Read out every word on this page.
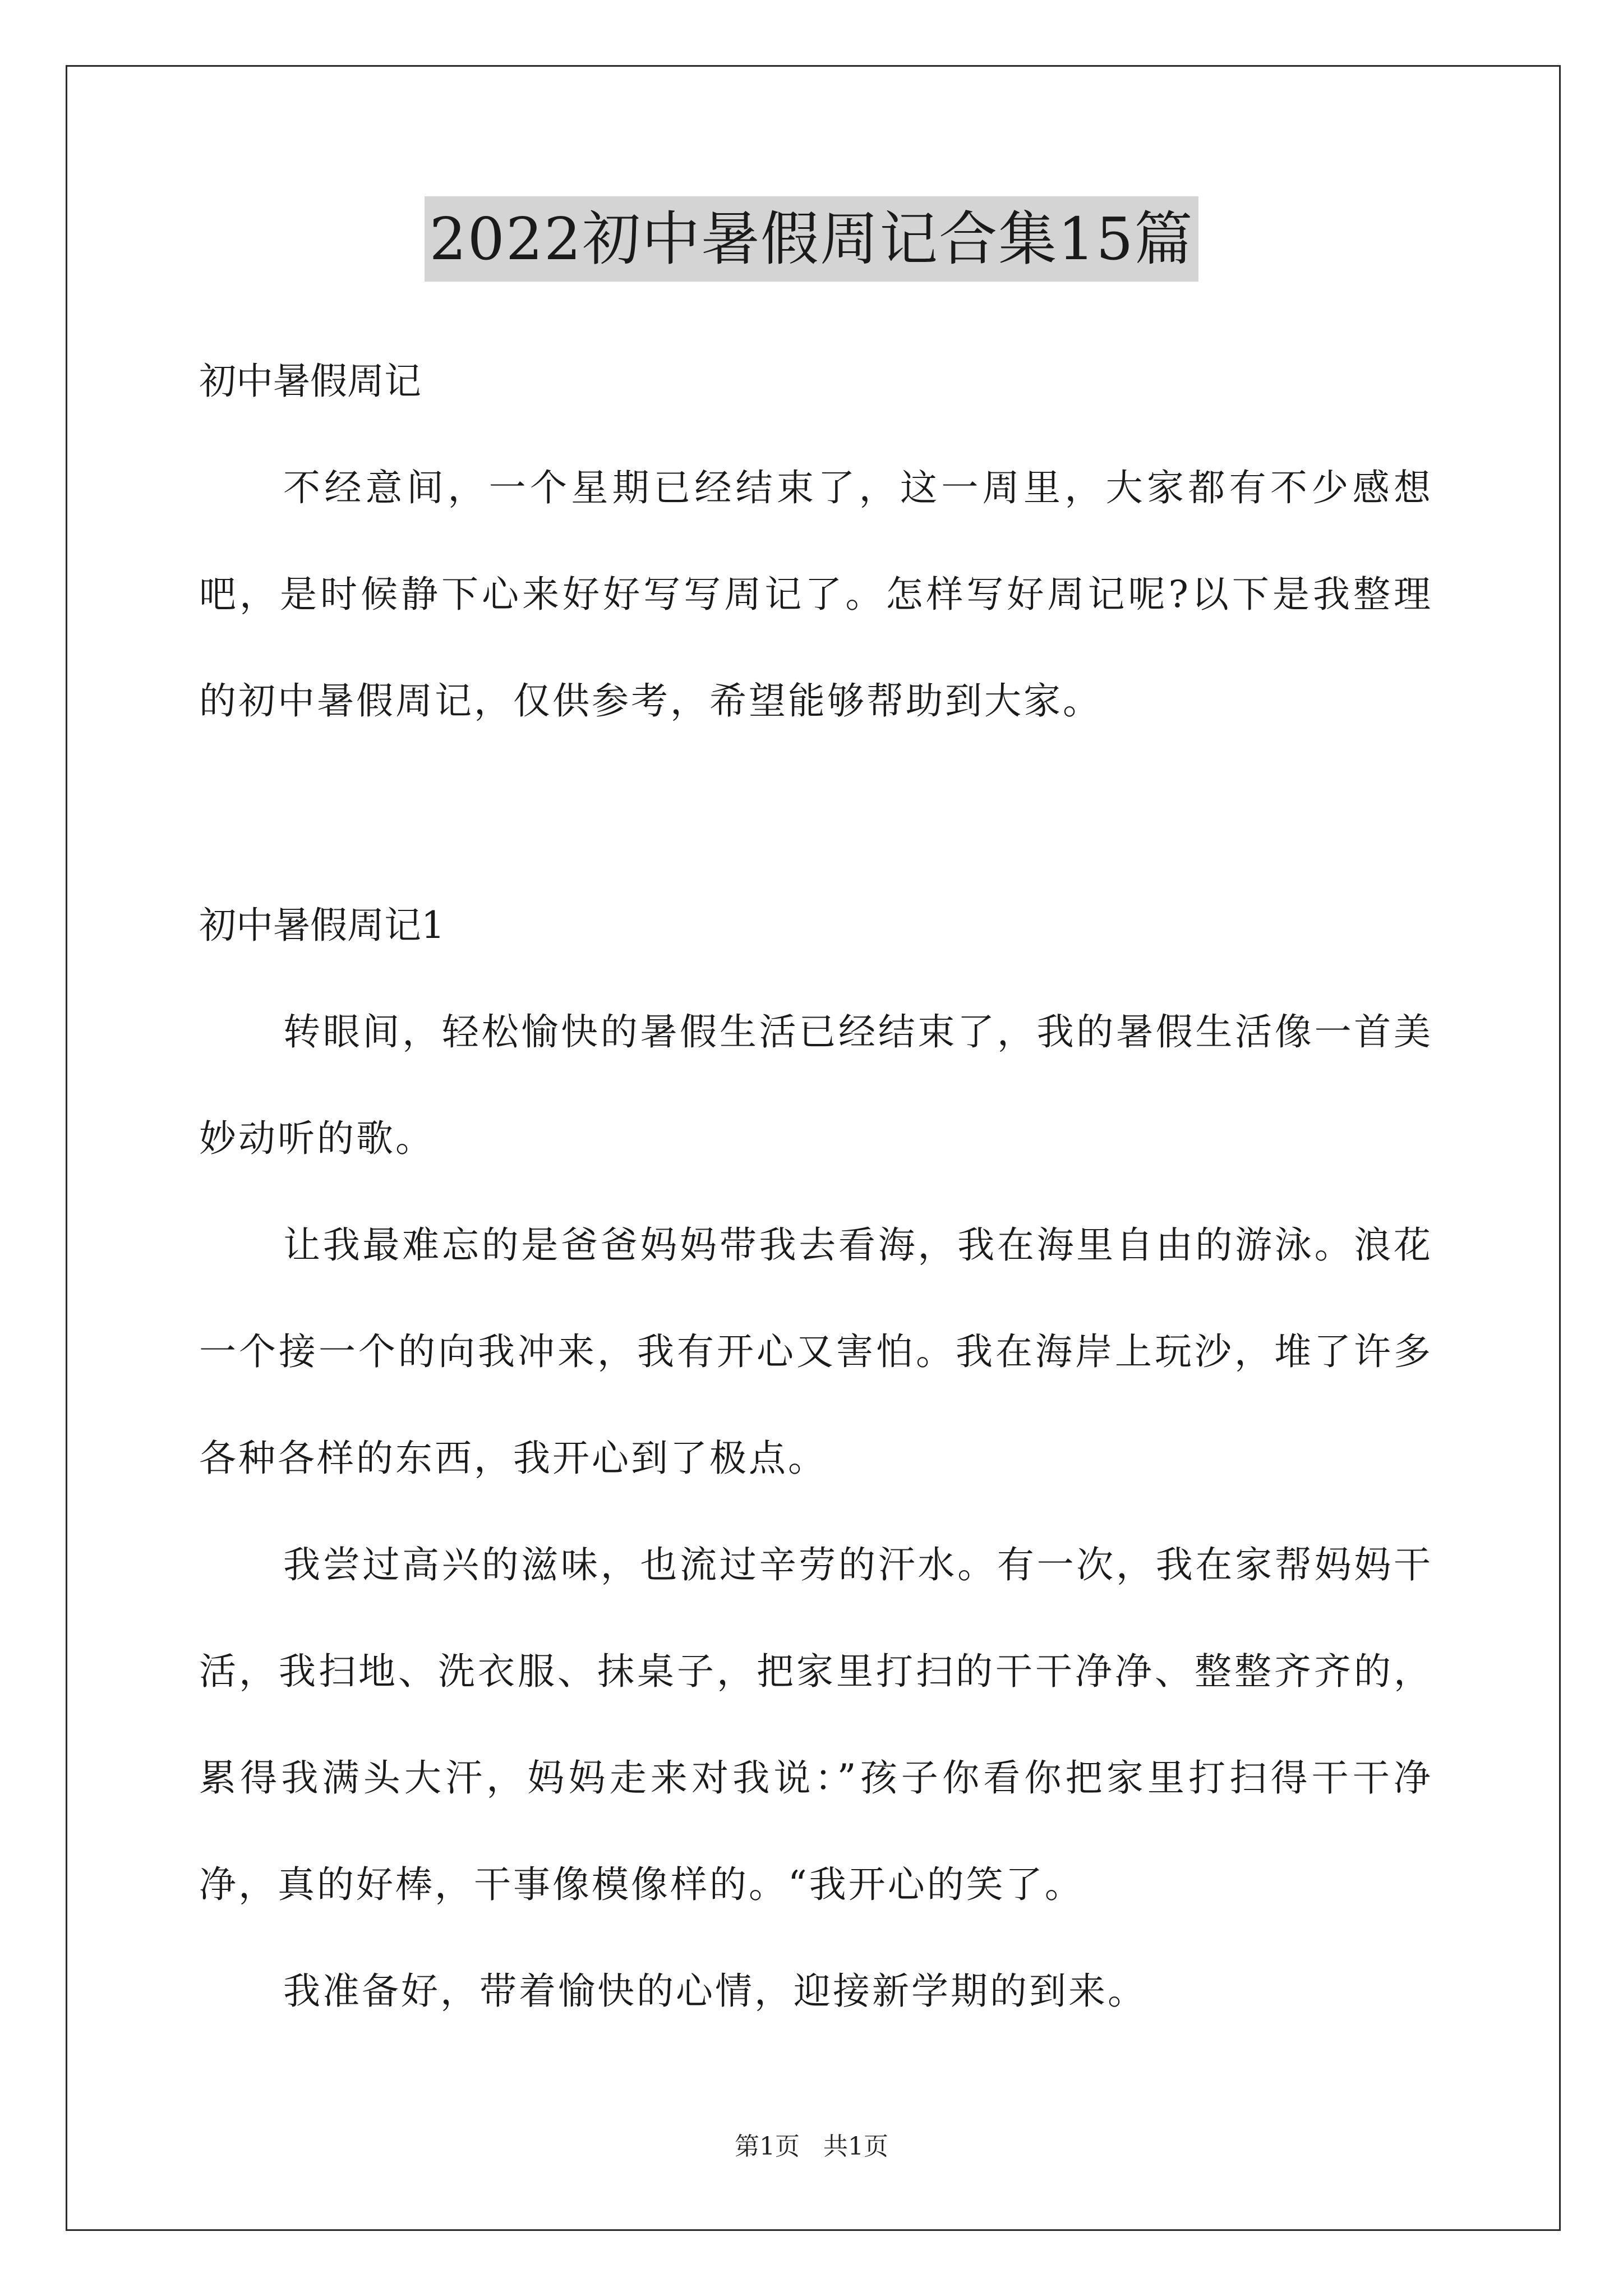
2022初中暑假周记合集15篇

初中暑假周记

不经意间，一个星期已经结束了，这一周里，大家都有不少感想吧，是时候静下心来好好写写周记了。怎样写好周记呢?以下是我整理的初中暑假周记，仅供参考，希望能够帮助到大家。

初中暑假周记1

转眼间，轻松愉快的暑假生活已经结束了，我的暑假生活像一首美妙动听的歌。

让我最难忘的是爸爸妈妈带我去看海，我在海里自由的游泳。浪花一个接一个的向我冲来，我有开心又害怕。我在海岸上玩沙，堆了许多各种各样的东西，我开心到了极点。

我尝过高兴的滋味，也流过辛劳的汗水。有一次，我在家帮妈妈干活，我扫地、洗衣服、抹桌子，把家里打扫的干干净净、整整齐齐的，累得我满头大汗，妈妈走来对我说：”孩子你看你把家里打扫得干干净净，真的好棒，干事像模像样的。“我开心的笑了。

我准备好，带着愉快的心情，迎接新学期的到来。

第1页 共1页
